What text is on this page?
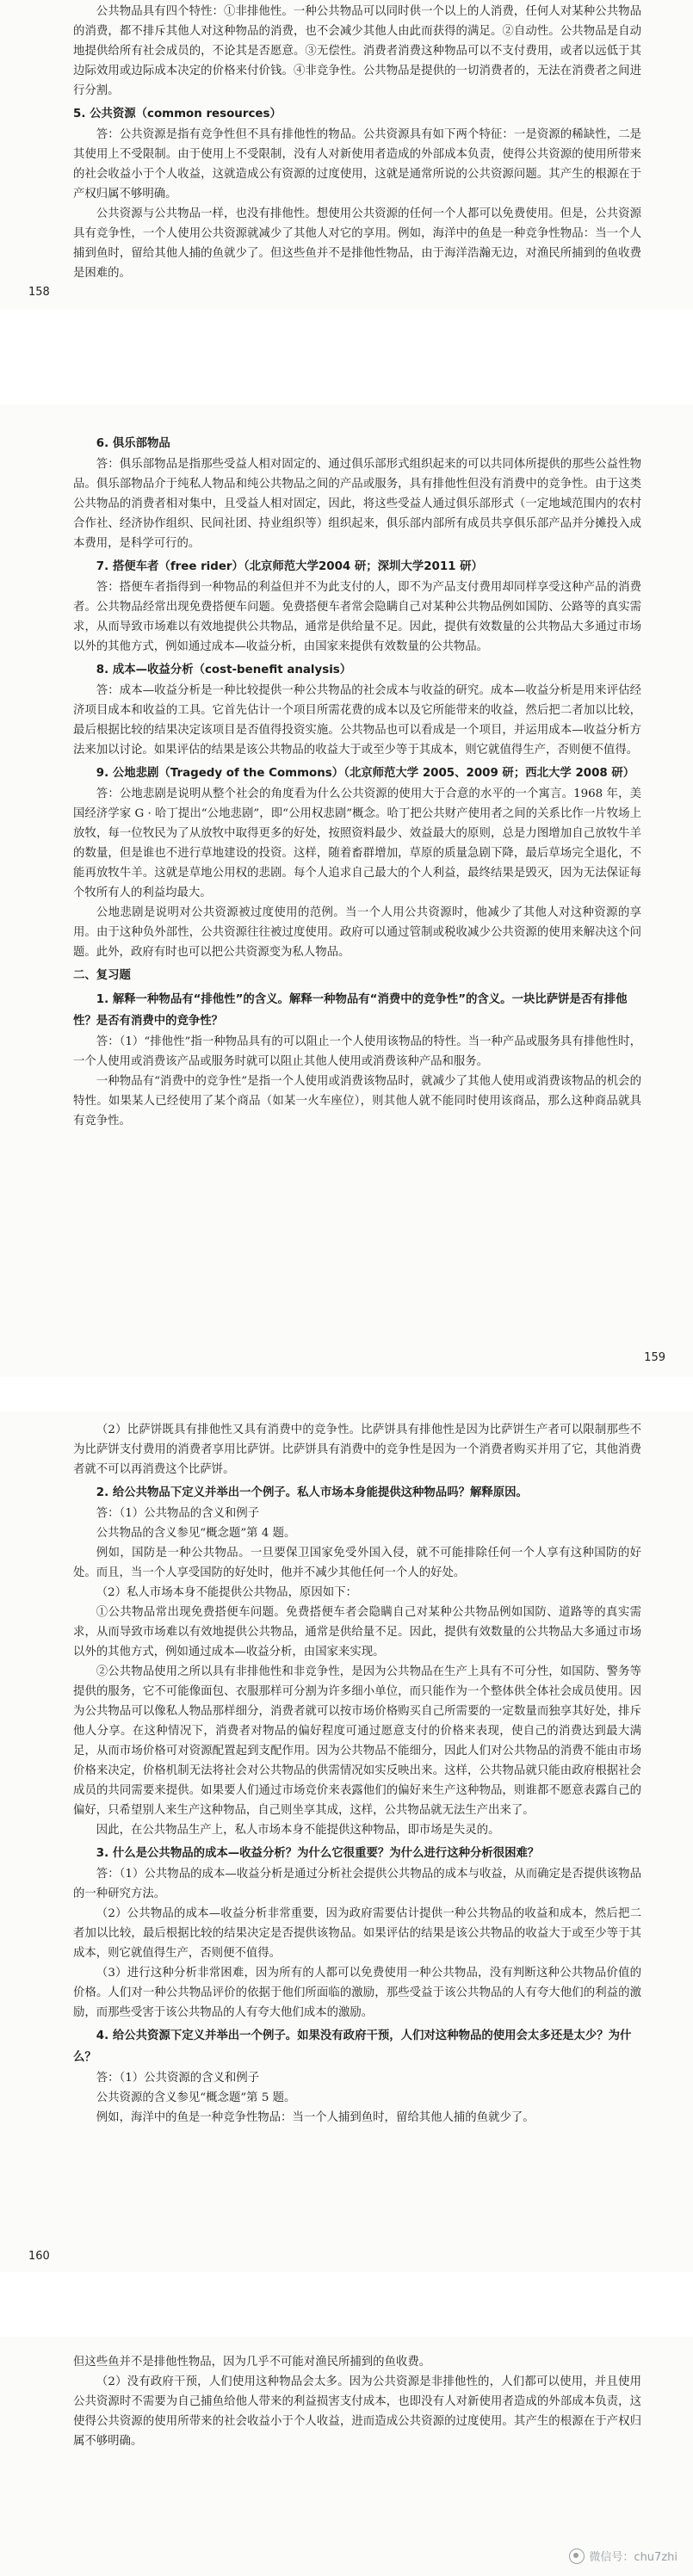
公共物品具有四个特性：①非排他性。一种公共物品可以同时供一个以上的人消费，任何人对某种公共物品的消费，都不排斥其他人对这种物品的消费，也不会减少其他人由此而获得的满足。②自动性。公共物品是自动地提供给所有社会成员的，不论其是否愿意。③无偿性。消费者消费这种物品可以不支付费用，或者以远低于其边际效用或边际成本决定的价格来付价钱。④非竞争性。公共物品是提供的一切消费者的，无法在消费者之间进行分割。

5. 公共资源（common resources）

答：公共资源是指有竞争性但不具有排他性的物品。公共资源具有如下两个特征：一是资源的稀缺性，二是其使用上不受限制。由于使用上不受限制，没有人对新使用者造成的外部成本负责，使得公共资源的使用所带来的社会收益小于个人收益，这就造成公有资源的过度使用，这就是通常所说的公共资源问题。其产生的根源在于产权归属不够明确。

公共资源与公共物品一样，也没有排他性。想使用公共资源的任何一个人都可以免费使用。但是，公共资源具有竞争性，一个人使用公共资源就减少了其他人对它的享用。例如，海洋中的鱼是一种竞争性物品：当一个人捕到鱼时，留给其他人捕的鱼就少了。但这些鱼并不是排他性物品，由于海洋浩瀚无边，对渔民所捕到的鱼收费是困难的。

158
6. 俱乐部物品

答：俱乐部物品是指那些受益人相对固定的、通过俱乐部形式组织起来的可以共同体所提供的那些公益性物品。俱乐部物品介于纯私人物品和纯公共物品之间的产品或服务，具有排他性但没有消费中的竞争性。由于这类公共物品的消费者相对集中，且受益人相对固定，因此，将这些受益人通过俱乐部形式（一定地域范围内的农村合作社、经济协作组织、民间社团、持业组织等）组织起来，俱乐部内部所有成员共享俱乐部产品并分摊投入成本费用，是科学可行的。

7. 搭便车者（free rider）（北京师范大学2004 研；深圳大学2011 研）

答：搭便车者指得到一种物品的利益但并不为此支付的人，即不为产品支付费用却同样享受这种产品的消费者。公共物品经常出现免费搭便车问题。免费搭便车者常会隐瞒自己对某种公共物品例如国防、公路等的真实需求，从而导致市场难以有效地提供公共物品，通常是供给量不足。因此，提供有效数量的公共物品大多通过市场以外的其他方式，例如通过成本—收益分析，由国家来提供有效数量的公共物品。

8. 成本—收益分析（cost-benefit analysis）

答：成本—收益分析是一种比较提供一种公共物品的社会成本与收益的研究。成本—收益分析是用来评估经济项目成本和收益的工具。它首先估计一个项目所需花费的成本以及它所能带来的收益，然后把二者加以比较，最后根据比较的结果决定该项目是否值得投资实施。公共物品也可以看成是一个项目，并运用成本—收益分析方法来加以讨论。如果评估的结果是该公共物品的收益大于或至少等于其成本，则它就值得生产，否则便不值得。

9. 公地悲剧（Tragedy of the Commons）（北京师范大学 2005、2009 研；西北大学 2008 研）

答：公地悲剧是说明从整个社会的角度看为什么公共资源的使用大于合意的水平的一个寓言。1968 年，美国经济学家 G · 哈丁提出“公地悲剧”，即“公用权悲剧”概念。哈丁把公共财产使用者之间的关系比作一片牧场上放牧，每一位牧民为了从放牧中取得更多的好处，按照资料最少、效益最大的原则，总是力图增加自己放牧牛羊的数量，但是谁也不进行草地建设的投资。这样，随着畜群增加，草原的质量急剧下降，最后草场完全退化，不能再放牧牛羊。这就是草地公用权的悲剧。每个人追求自己最大的个人利益，最终结果是毁灭，因为无法保证每个牧所有人的利益均最大。

公地悲剧是说明对公共资源被过度使用的范例。当一个人用公共资源时，他减少了其他人对这种资源的享用。由于这种负外部性，公共资源往往被过度使用。政府可以通过管制或税收减少公共资源的使用来解决这个问题。此外，政府有时也可以把公共资源变为私人物品。

二、复习题
1. 解释一种物品有“排他性”的含义。解释一种物品有“消费中的竞争性”的含义。一块比萨饼是否有排他性？是否有消费中的竞争性？

答：（1）“排他性”指一种物品具有的可以阻止一个人使用该物品的特性。当一种产品或服务具有排他性时，一个人使用或消费该产品或服务时就可以阻止其他人使用或消费该种产品和服务。

一种物品有“消费中的竞争性”是指一个人使用或消费该物品时，就减少了其他人使用或消费该物品的机会的特性。如果某人已经使用了某个商品（如某一火车座位），则其他人就不能同时使用该商品，那么这种商品就具有竞争性。

159

（2）比萨饼既具有排他性又具有消费中的竞争性。比萨饼具有排他性是因为比萨饼生产者可以限制那些不为比萨饼支付费用的消费者享用比萨饼。比萨饼具有消费中的竞争性是因为一个消费者购买并用了它，其他消费者就不可以再消费这个比萨饼。

2. 给公共物品下定义并举出一个例子。私人市场本身能提供这种物品吗？解释原因。

答：（1）公共物品的含义和例子

公共物品的含义参见“概念题”第 4 题。

例如，国防是一种公共物品。一旦要保卫国家免受外国入侵，就不可能排除任何一个人享有这种国防的好处。而且，当一个人享受国防的好处时，他并不减少其他任何一个人的好处。

（2）私人市场本身不能提供公共物品，原因如下：

①公共物品常出现免费搭便车问题。免费搭便车者会隐瞒自己对某种公共物品例如国防、道路等的真实需求，从而导致市场难以有效地提供公共物品，通常是供给量不足。因此，提供有效数量的公共物品大多通过市场以外的其他方式，例如通过成本—收益分析，由国家来实现。

②公共物品使用之所以具有非排他性和非竞争性，是因为公共物品在生产上具有不可分性，如国防、警务等提供的服务，它不可能像面包、衣服那样可分割为许多细小单位，而只能作为一个整体供全体社会成员使用。因为公共物品可以像私人物品那样细分，消费者就可以按市场价格购买自己所需要的一定数量而独享其好处，排斥他人分享。在这种情况下，消费者对物品的偏好程度可通过愿意支付的价格来表现，使自己的消费达到最大满足，从而市场价格可对资源配置起到支配作用。因为公共物品不能细分，因此人们对公共物品的消费不能由市场价格来决定，价格机制无法将社会对公共物品的供需情况如实反映出来。这样，公共物品就只能由政府根据社会成员的共同需要来提供。如果要人们通过市场竞价来表露他们的偏好来生产这种物品，则谁都不愿意表露自己的偏好，只希望别人来生产这种物品，自己则坐享其成，这样，公共物品就无法生产出来了。

因此，在公共物品生产上，私人市场本身不能提供这种物品，即市场是失灵的。

3. 什么是公共物品的成本—收益分析？为什么它很重要？为什么进行这种分析很困难？

答：（1）公共物品的成本—收益分析是通过分析社会提供公共物品的成本与收益，从而确定是否提供该物品的一种研究方法。

（2）公共物品的成本—收益分析非常重要，因为政府需要估计提供一种公共物品的收益和成本，然后把二者加以比较，最后根据比较的结果决定是否提供该物品。如果评估的结果是该公共物品的收益大于或至少等于其成本，则它就值得生产，否则便不值得。

（3）进行这种分析非常困难，因为所有的人都可以免费使用一种公共物品，没有判断这种公共物品价值的价格。人们对一种公共物品评价的依据于他们所面临的激励，那些受益于该公共物品的人有夸大他们的利益的激励，而那些受害于该公共物品的人有夸大他们成本的激励。

4. 给公共资源下定义并举出一个例子。如果没有政府干预，人们对这种物品的使用会太多还是太少？为什么？

答：（1）公共资源的含义和例子

公共资源的含义参见“概念题”第 5 题。

例如，海洋中的鱼是一种竞争性物品：当一个人捕到鱼时，留给其他人捕的鱼就少了。

160

但这些鱼并不是排他性物品，因为几乎不可能对渔民所捕到的鱼收费。

（2）没有政府干预，人们使用这种物品会太多。因为公共资源是非排他性的，人们都可以使用，并且使用公共资源时不需要为自己捕鱼给他人带来的利益损害支付成本，也即没有人对新使用者造成的外部成本负责，这使得公共资源的使用所带来的社会收益小于个人收益，进而造成公共资源的过度使用。其产生的根源在于产权归属不够明确。

微信号：chu7zhi
